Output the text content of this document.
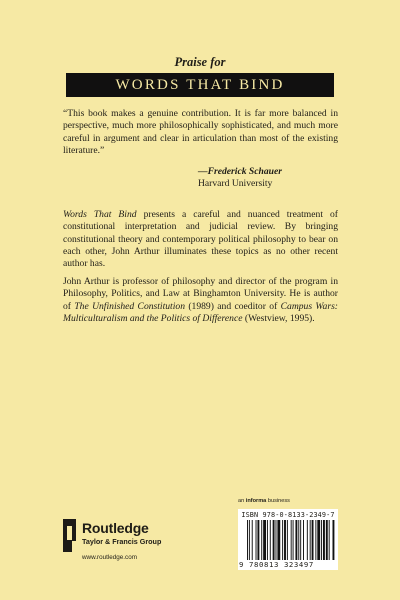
Praise for
WORDS THAT BIND

“This book makes a genuine contribution. It is far more balanced in perspective, much more philosophically sophisticated, and much more careful in argument and clear in articulation than most of the existing literature.”

—Frederick Schauer
Harvard University

Words That Bind presents a careful and nuanced treatment of constitutional interpretation and judicial review. By bringing constitutional theory and contemporary political philosophy to bear on each other, John Arthur illuminates these topics as no other recent author has.

John Arthur is professor of philosophy and director of the program in Philosophy, Politics, and Law at Binghamton University. He is author of The Unfinished Constitution (1989) and coeditor of Campus Wars: Multiculturalism and the Politics of Difference (Westview, 1995).

Routledge
Taylor & Francis Group
www.routledge.com
an informa business
ISBN 978-0-8133-2349-7
9 780813 323497
